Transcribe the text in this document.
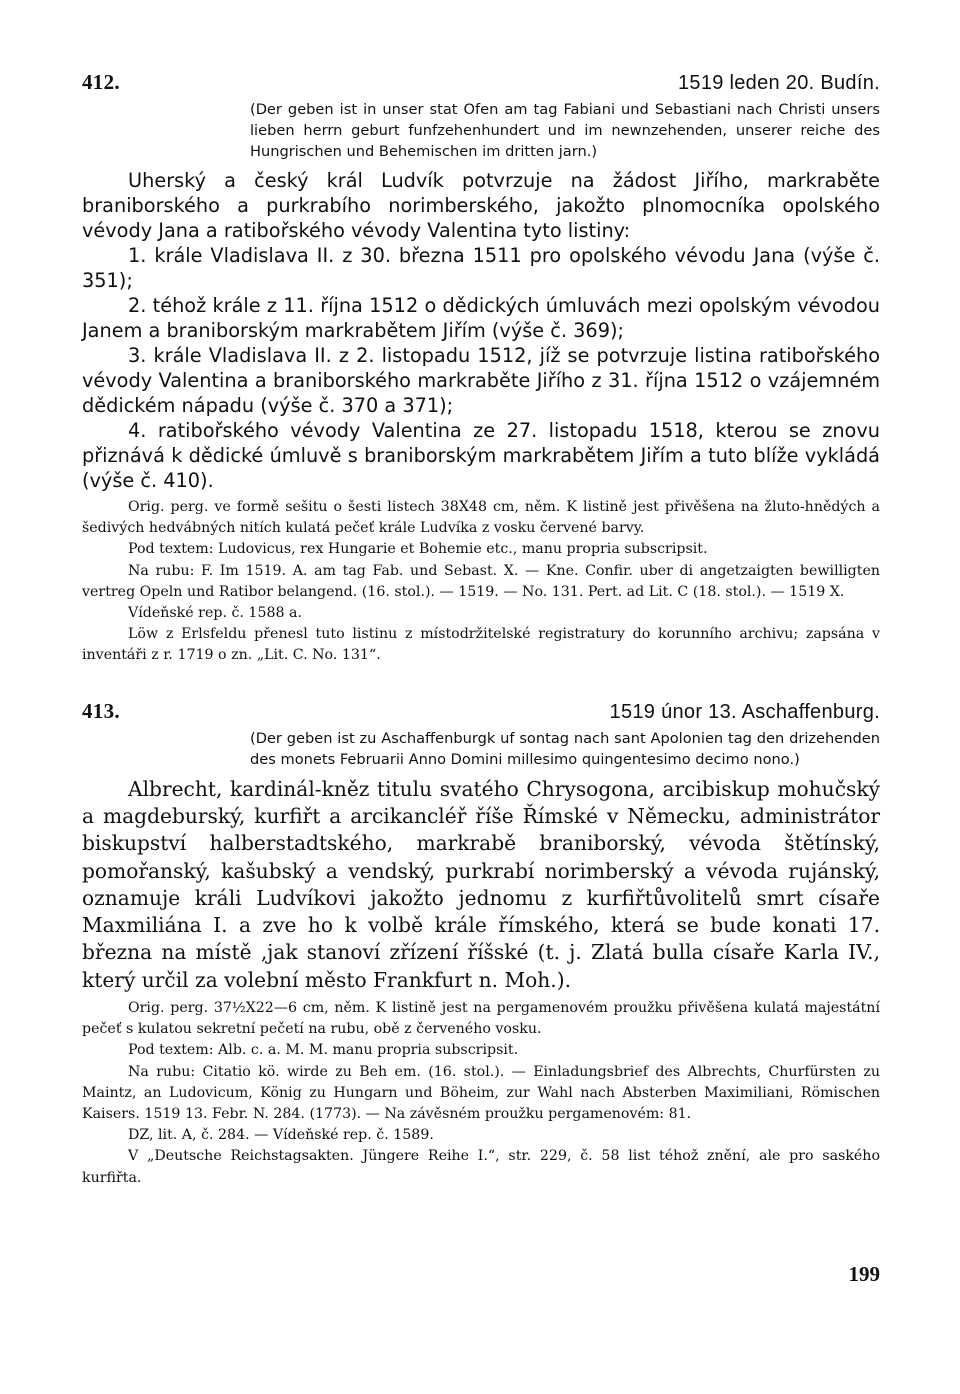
412.	1519 leden 20. Budín.
(Der geben ist in unser stat Ofen am tag Fabiani und Sebastiani nach Christi unsers lieben herrn geburt funfzehenhundert und im newnzehenden, unserer reiche des Hungrischen und Behemischen im dritten jarn.)
Uherský a český král Ludvík potvrzuje na žádost Jiřího, markraběte braniborského a purkrabího norimberského, jakožto plnomocníka opolského vévody Jana a ratibořského vévody Valentina tyto listiny:
1. krále Vladislava II. z 30. března 1511 pro opolského vévodu Jana (výše č. 351);
2. téhož krále z 11. října 1512 o dědických úmluvách mezi opolským vévodou Janem a braniborským markrabětem Jiřím (výše č. 369);
3. krále Vladislava II. z 2. listopadu 1512, jíž se potvrzuje listina ratibořského vévody Valentina a braniborského markraběte Jiřího z 31. října 1512 o vzájemném dědickém nápadu (výše č. 370 a 371);
4. ratibořského vévody Valentina ze 27. listopadu 1518, kterou se znovu přiznává k dědické úmluvě s braniborským markrabětem Jiřím a tuto blíže vykládá (výše č. 410).
Orig. perg. ve formě sešitu o šesti listech 38X48 cm, něm. K listině jest přivěšena na žluto-hnědých a šedivých hedvábných nitích kulatá pečeť krále Ludvíka z vosku červené barvy.
Pod textem: Ludovicus, rex Hungarie et Bohemie etc., manu propria subscripsit.
Na rubu: F. Im 1519. A. am tag Fab. und Sebast. X. — Kne. Confir. uber di angetzaigten bewilligten vertreg Opeln und Ratibor belangend. (16. stol.). — 1519. — No. 131. Pert. ad Lit. C (18. stol.). — 1519 X.
Vídeňské rep. č. 1588 a.
Löw z Erlsfeldu přenesl tuto listinu z místodržitelské registratury do korunního archivu; zapsána v inventáři z r. 1719 o zn. „Lit. C. No. 131“.
413.	1519 únor 13. Aschaffenburg.
(Der geben ist zu Aschaffenburgk uf sontag nach sant Apolonien tag den drizehenden des monets Februarii Anno Domini millesimo quingentesimo decimo nono.)
Albrecht, kardinál-kněz titulu svatého Chrysogona, arcibiskup mohučský a magdeburský, kurfiřt a arcikancléř říše Římské v Německu, administrátor biskupství halberstadtského, markrabě braniborský, vévoda štětínský, pomořanský, kašubský a vendský, purkrabí norimberský a vévoda rujánský, oznamuje králi Ludvíkovi jakožto jednomu z kurfiřtůvolitelů smrt císaře Maxmiliána I. a zve ho k volbě krále římského, která se bude konati 17. března na místě ‚jak stanoví zřízení říšské (t. j. Zlatá bulla císaře Karla IV., který určil za volební město Frankfurt n. Moh.).
Orig. perg. 37½X22—6 cm, něm. K listině jest na pergamenovém proužku přivěšena kulatá majestátní pečeť s kulatou sekretní pečetí na rubu, obě z červeného vosku.
Pod textem: Alb. c. a. M. M. manu propria subscripsit.
Na rubu: Citatio kö. wirde zu Beh em. (16. stol.). — Einladungsbrief des Albrechts, Churfürsten zu Maintz, an Ludovicum, König zu Hungarn und Böheim, zur Wahl nach Absterben Maximiliani, Römischen Kaisers. 1519 13. Febr. N. 284. (1773). — Na závěsném proužku pergamenovém: 81.
DZ, lit. A, č. 284. — Vídeňské rep. č. 1589.
V „Deutsche Reichstagsakten. Jüngere Reihe I.“, str. 229, č. 58 list téhož znění, ale pro saského kurfiřta.
199
